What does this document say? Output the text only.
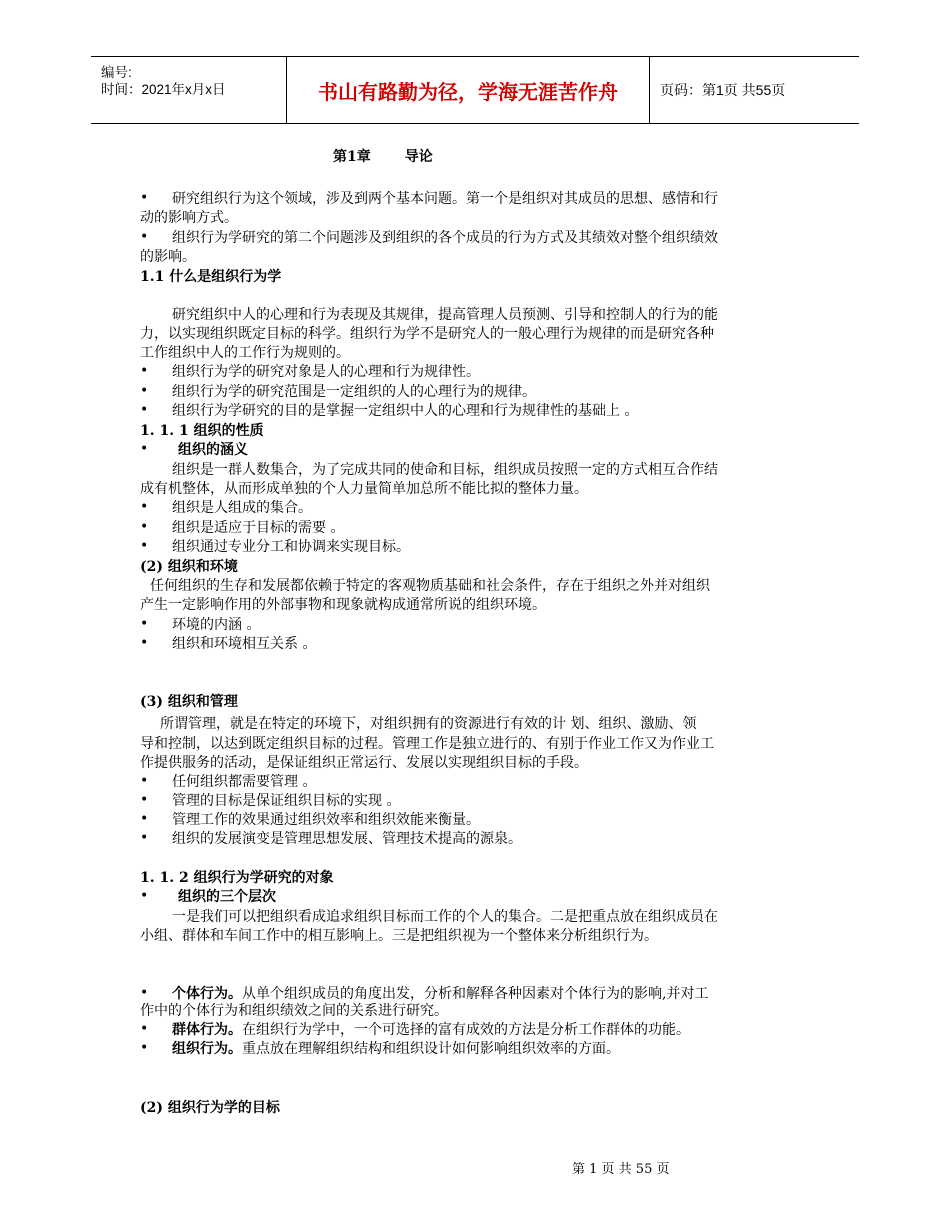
编号:
时间：2021年x月x日	书山有路勤为径，学海无涯苦作舟	页码：第1页 共55页
第1章 导论
•	研究组织行为这个领域，涉及到两个基本问题。第一个是组织对其成员的思想、感情和行
动的影响方式。
•	组织行为学研究的第二个问题涉及到组织的各个成员的行为方式及其绩效对整个组织绩效
的影响。
1.1 什么是组织行为学
研究组织中人的心理和行为表现及其规律，提高管理人员预测、引导和控制人的行为的能
力，以实现组织既定目标的科学。组织行为学不是研究人的一般心理行为规律的而是研究各种
工作组织中人的工作行为规则的。
•	组织行为学的研究对象是人的心理和行为规律性。
•	组织行为学的研究范围是一定组织的人的心理行为的规律。
•	组织行为学研究的目的是掌握一定组织中人的心理和行为规律性的基础上 。
1. 1. 1 组织的性质
•	组织的涵义
组织是一群人数集合，为了完成共同的使命和目标，组织成员按照一定的方式相互合作结
成有机整体，从而形成单独的个人力量简单加总所不能比拟的整体力量。
•	组织是人组成的集合。
•	组织是适应于目标的需要 。
•	组织通过专业分工和协调来实现目标。
(2) 组织和环境
任何组织的生存和发展都依赖于特定的客观物质基础和社会条件，存在于组织之外并对组织
产生一定影响作用的外部事物和现象就构成通常所说的组织环境。
•	环境的内涵 。
•	组织和环境相互关系 。
(3) 组织和管理
所谓管理，就是在特定的环境下，对组织拥有的资源进行有效的计 划、组织、激励、领
导和控制，以达到既定组织目标的过程。管理工作是独立进行的、有别于作业工作又为作业工
作提供服务的活动，是保证组织正常运行、发展以实现组织目标的手段。
•	任何组织都需要管理 。
•	管理的目标是保证组织目标的实现 。
•	管理工作的效果通过组织效率和组织效能来衡量。
•	组织的发展演变是管理思想发展、管理技术提高的源泉。
1. 1. 2 组织行为学研究的对象
•	组织的三个层次
一是我们可以把组织看成追求组织目标而工作的个人的集合。二是把重点放在组织成员在
小组、群体和车间工作中的相互影响上。三是把组织视为一个整体来分析组织行为。
•	个体行为。从单个组织成员的角度出发，分析和解释各种因素对个体行为的影响,并对工
作中的个体行为和组织绩效之间的关系进行研究。
•	群体行为。在组织行为学中，一个可选择的富有成效的方法是分析工作群体的功能。
•	组织行为。重点放在理解组织结构和组织设计如何影响组织效率的方面。
(2) 组织行为学的目标
第 1 页 共 55 页
